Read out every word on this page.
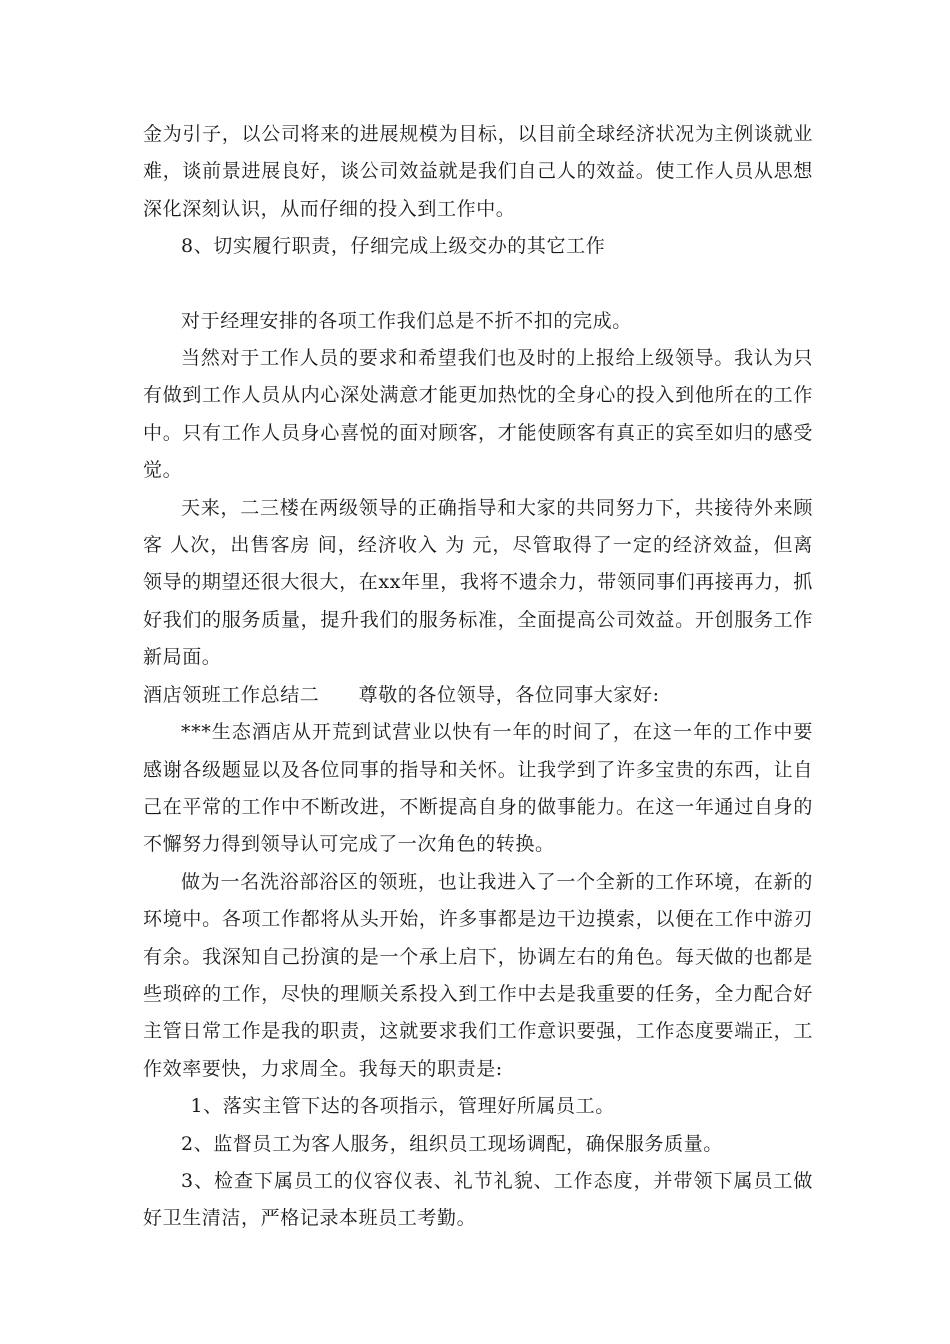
金为引子，以公司将来的进展规模为目标，以目前全球经济状况为主例谈就业难，谈前景进展良好，谈公司效益就是我们自己人的效益。使工作人员从思想深化深刻认识，从而仔细的投入到工作中。

8、切实履行职责，仔细完成上级交办的其它工作

对于经理安排的各项工作我们总是不折不扣的完成。

当然对于工作人员的要求和希望我们也及时的上报给上级领导。我认为只有做到工作人员从内心深处满意才能更加热忱的全身心的投入到他所在的工作中。只有工作人员身心喜悦的面对顾客，才能使顾客有真正的宾至如归的感受觉。

天来，二三楼在两级领导的正确指导和大家的共同努力下，共接待外来顾客 人次，出售客房 间，经济收入 为 元，尽管取得了一定的经济效益，但离领导的期望还很大很大，在xx年里，我将不遗余力，带领同事们再接再力，抓好我们的服务质量，提升我们的服务标准，全面提高公司效益。开创服务工作新局面。

酒店领班工作总结二　　尊敬的各位领导，各位同事大家好:

***生态酒店从开荒到试营业以快有一年的时间了，在这一年的工作中要感谢各级题显以及各位同事的指导和关怀。让我学到了许多宝贵的东西，让自己在平常的工作中不断改进，不断提高自身的做事能力。在这一年通过自身的不懈努力得到领导认可完成了一次角色的转换。

做为一名洗浴部浴区的领班，也让我进入了一个全新的工作环境，在新的环境中。各项工作都将从头开始，许多事都是边干边摸索，以便在工作中游刃有余。我深知自己扮演的是一个承上启下，协调左右的角色。每天做的也都是些琐碎的工作，尽快的理顺关系投入到工作中去是我重要的任务，全力配合好主管日常工作是我的职责，这就要求我们工作意识要强，工作态度要端正，工作效率要快，力求周全。我每天的职责是:

1、落实主管下达的各项指示，管理好所属员工。

2、监督员工为客人服务，组织员工现场调配，确保服务质量。

3、检查下属员工的仪容仪表、礼节礼貌、工作态度，并带领下属员工做好卫生清洁，严格记录本班员工考勤。
